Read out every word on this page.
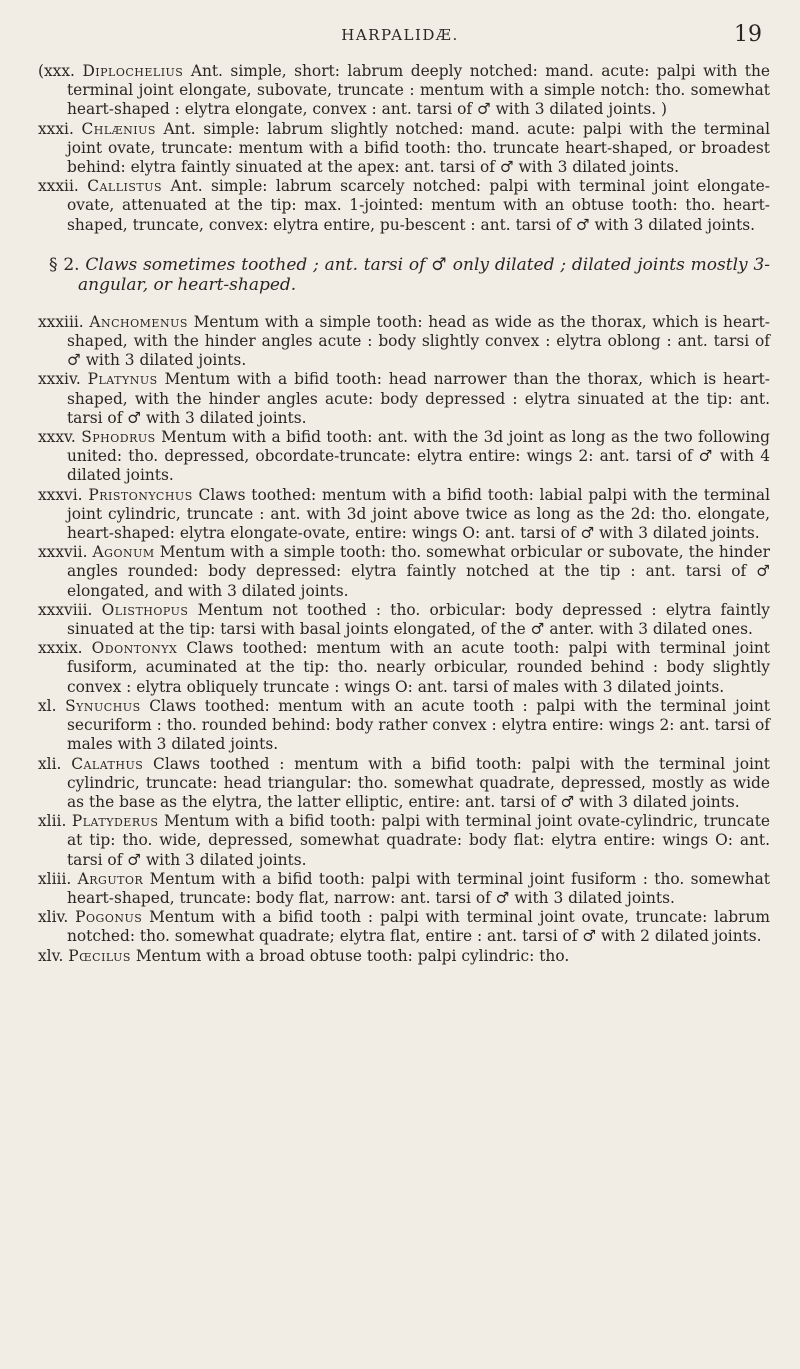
HARPALIDÆ.	19

(xxx. Diplochelius Ant. simple, short: labrum deeply notched: mand. acute: palpi with the terminal joint elongate, subovate, truncate : mentum with a simple notch: tho. somewhat heart-shaped : elytra elongate, convex : ant. tarsi of ♂ with 3 dilated joints. )

xxxi. Chlænius Ant. simple: labrum slightly notched: mand. acute: palpi with the terminal joint ovate, truncate: mentum with a bifid tooth: tho. truncate heart-shaped, or broadest behind: elytra faintly sinuated at the apex: ant. tarsi of ♂ with 3 dilated joints.

xxxii. Callistus Ant. simple: labrum scarcely notched: palpi with terminal joint elongate-ovate, attenuated at the tip: max. 1-jointed: mentum with an obtuse tooth: tho. heart-shaped, truncate, convex: elytra entire, pu-bescent : ant. tarsi of ♂ with 3 dilated joints.

§ 2. Claws sometimes toothed ; ant. tarsi of ♂ only dilated ; dilated joints mostly 3-angular, or heart-shaped.

xxxiii. Anchomenus Mentum with a simple tooth: head as wide as the thorax, which is heart-shaped, with the hinder angles acute : body slightly convex : elytra oblong : ant. tarsi of ♂ with 3 dilated joints.

xxxiv. Platynus Mentum with a bifid tooth: head narrower than the thorax, which is heart-shaped, with the hinder angles acute: body depressed : elytra sinuated at the tip: ant. tarsi of ♂ with 3 dilated joints.

xxxv. Sphodrus Mentum with a bifid tooth: ant. with the 3d joint as long as the two following united: tho. depressed, obcordate-truncate: elytra entire: wings 2: ant. tarsi of ♂ with 4 dilated joints.

xxxvi. Pristonychus Claws toothed: mentum with a bifid tooth: labial palpi with the terminal joint cylindric, truncate : ant. with 3d joint above twice as long as the 2d: tho. elongate, heart-shaped: elytra elongate-ovate, entire: wings O: ant. tarsi of ♂ with 3 dilated joints.

xxxvii. Agonum Mentum with a simple tooth: tho. somewhat orbicular or subovate, the hinder angles rounded: body depressed: elytra faintly notched at the tip : ant. tarsi of ♂ elongated, and with 3 dilated joints.

xxxviii. Olisthopus Mentum not toothed : tho. orbicular: body depressed : elytra faintly sinuated at the tip: tarsi with basal joints elongated, of the ♂ anter. with 3 dilated ones.

xxxix. Odontonyx Claws toothed: mentum with an acute tooth: palpi with terminal joint fusiform, acuminated at the tip: tho. nearly orbicular, rounded behind : body slightly convex : elytra obliquely truncate : wings O: ant. tarsi of males with 3 dilated joints.

xl. Synuchus Claws toothed: mentum with an acute tooth : palpi with the terminal joint securiform : tho. rounded behind: body rather convex : elytra entire: wings 2: ant. tarsi of males with 3 dilated joints.

xli. Calathus Claws toothed : mentum with a bifid tooth: palpi with the terminal joint cylindric, truncate: head triangular: tho. somewhat quadrate, depressed, mostly as wide as the base as the elytra, the latter elliptic, entire: ant. tarsi of ♂ with 3 dilated joints.

xlii. Platyderus Mentum with a bifid tooth: palpi with terminal joint ovate-cylindric, truncate at tip: tho. wide, depressed, somewhat quadrate: body flat: elytra entire: wings O: ant. tarsi of ♂ with 3 dilated joints.

xliii. Argutor Mentum with a bifid tooth: palpi with terminal joint fusiform : tho. somewhat heart-shaped, truncate: body flat, narrow: ant. tarsi of ♂ with 3 dilated joints.

xliv. Pogonus Mentum with a bifid tooth : palpi with terminal joint ovate, truncate: labrum notched: tho. somewhat quadrate; elytra flat, entire : ant. tarsi of ♂ with 2 dilated joints.

xlv. Pœcilus Mentum with a broad obtuse tooth: palpi cylindric: tho.
